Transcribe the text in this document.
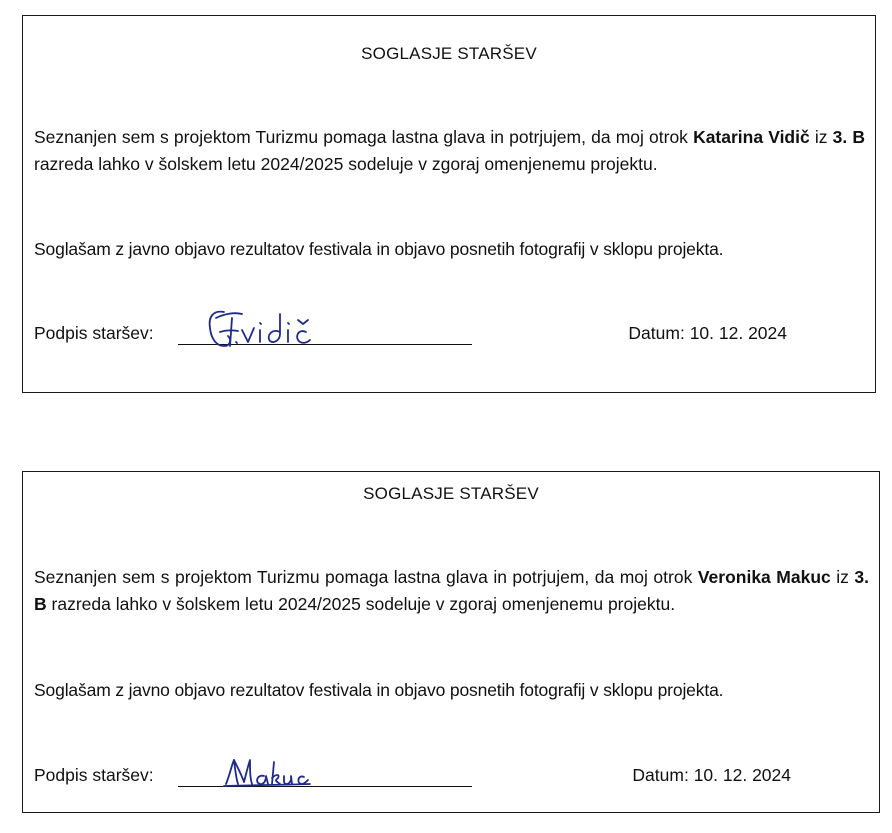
SOGLASJE STARŠEV
Seznanjen sem s projektom Turizmu pomaga lastna glava in potrjujem, da moj otrok Katarina Vidič iz 3. B razreda lahko v šolskem letu 2024/2025 sodeluje v zgoraj omenjenemu projektu.
Soglašam z javno objavo rezultatov festivala in objavo posnetih fotografij v sklopu projekta.
Podpis staršev:	Datum: 10. 12. 2024
SOGLASJE STARŠEV
Seznanjen sem s projektom Turizmu pomaga lastna glava in potrjujem, da moj otrok Veronika Makuc iz 3. B razreda lahko v šolskem letu 2024/2025 sodeluje v zgoraj omenjenemu projektu.
Soglašam z javno objavo rezultatov festivala in objavo posnetih fotografij v sklopu projekta.
Podpis staršev:	Datum: 10. 12. 2024
